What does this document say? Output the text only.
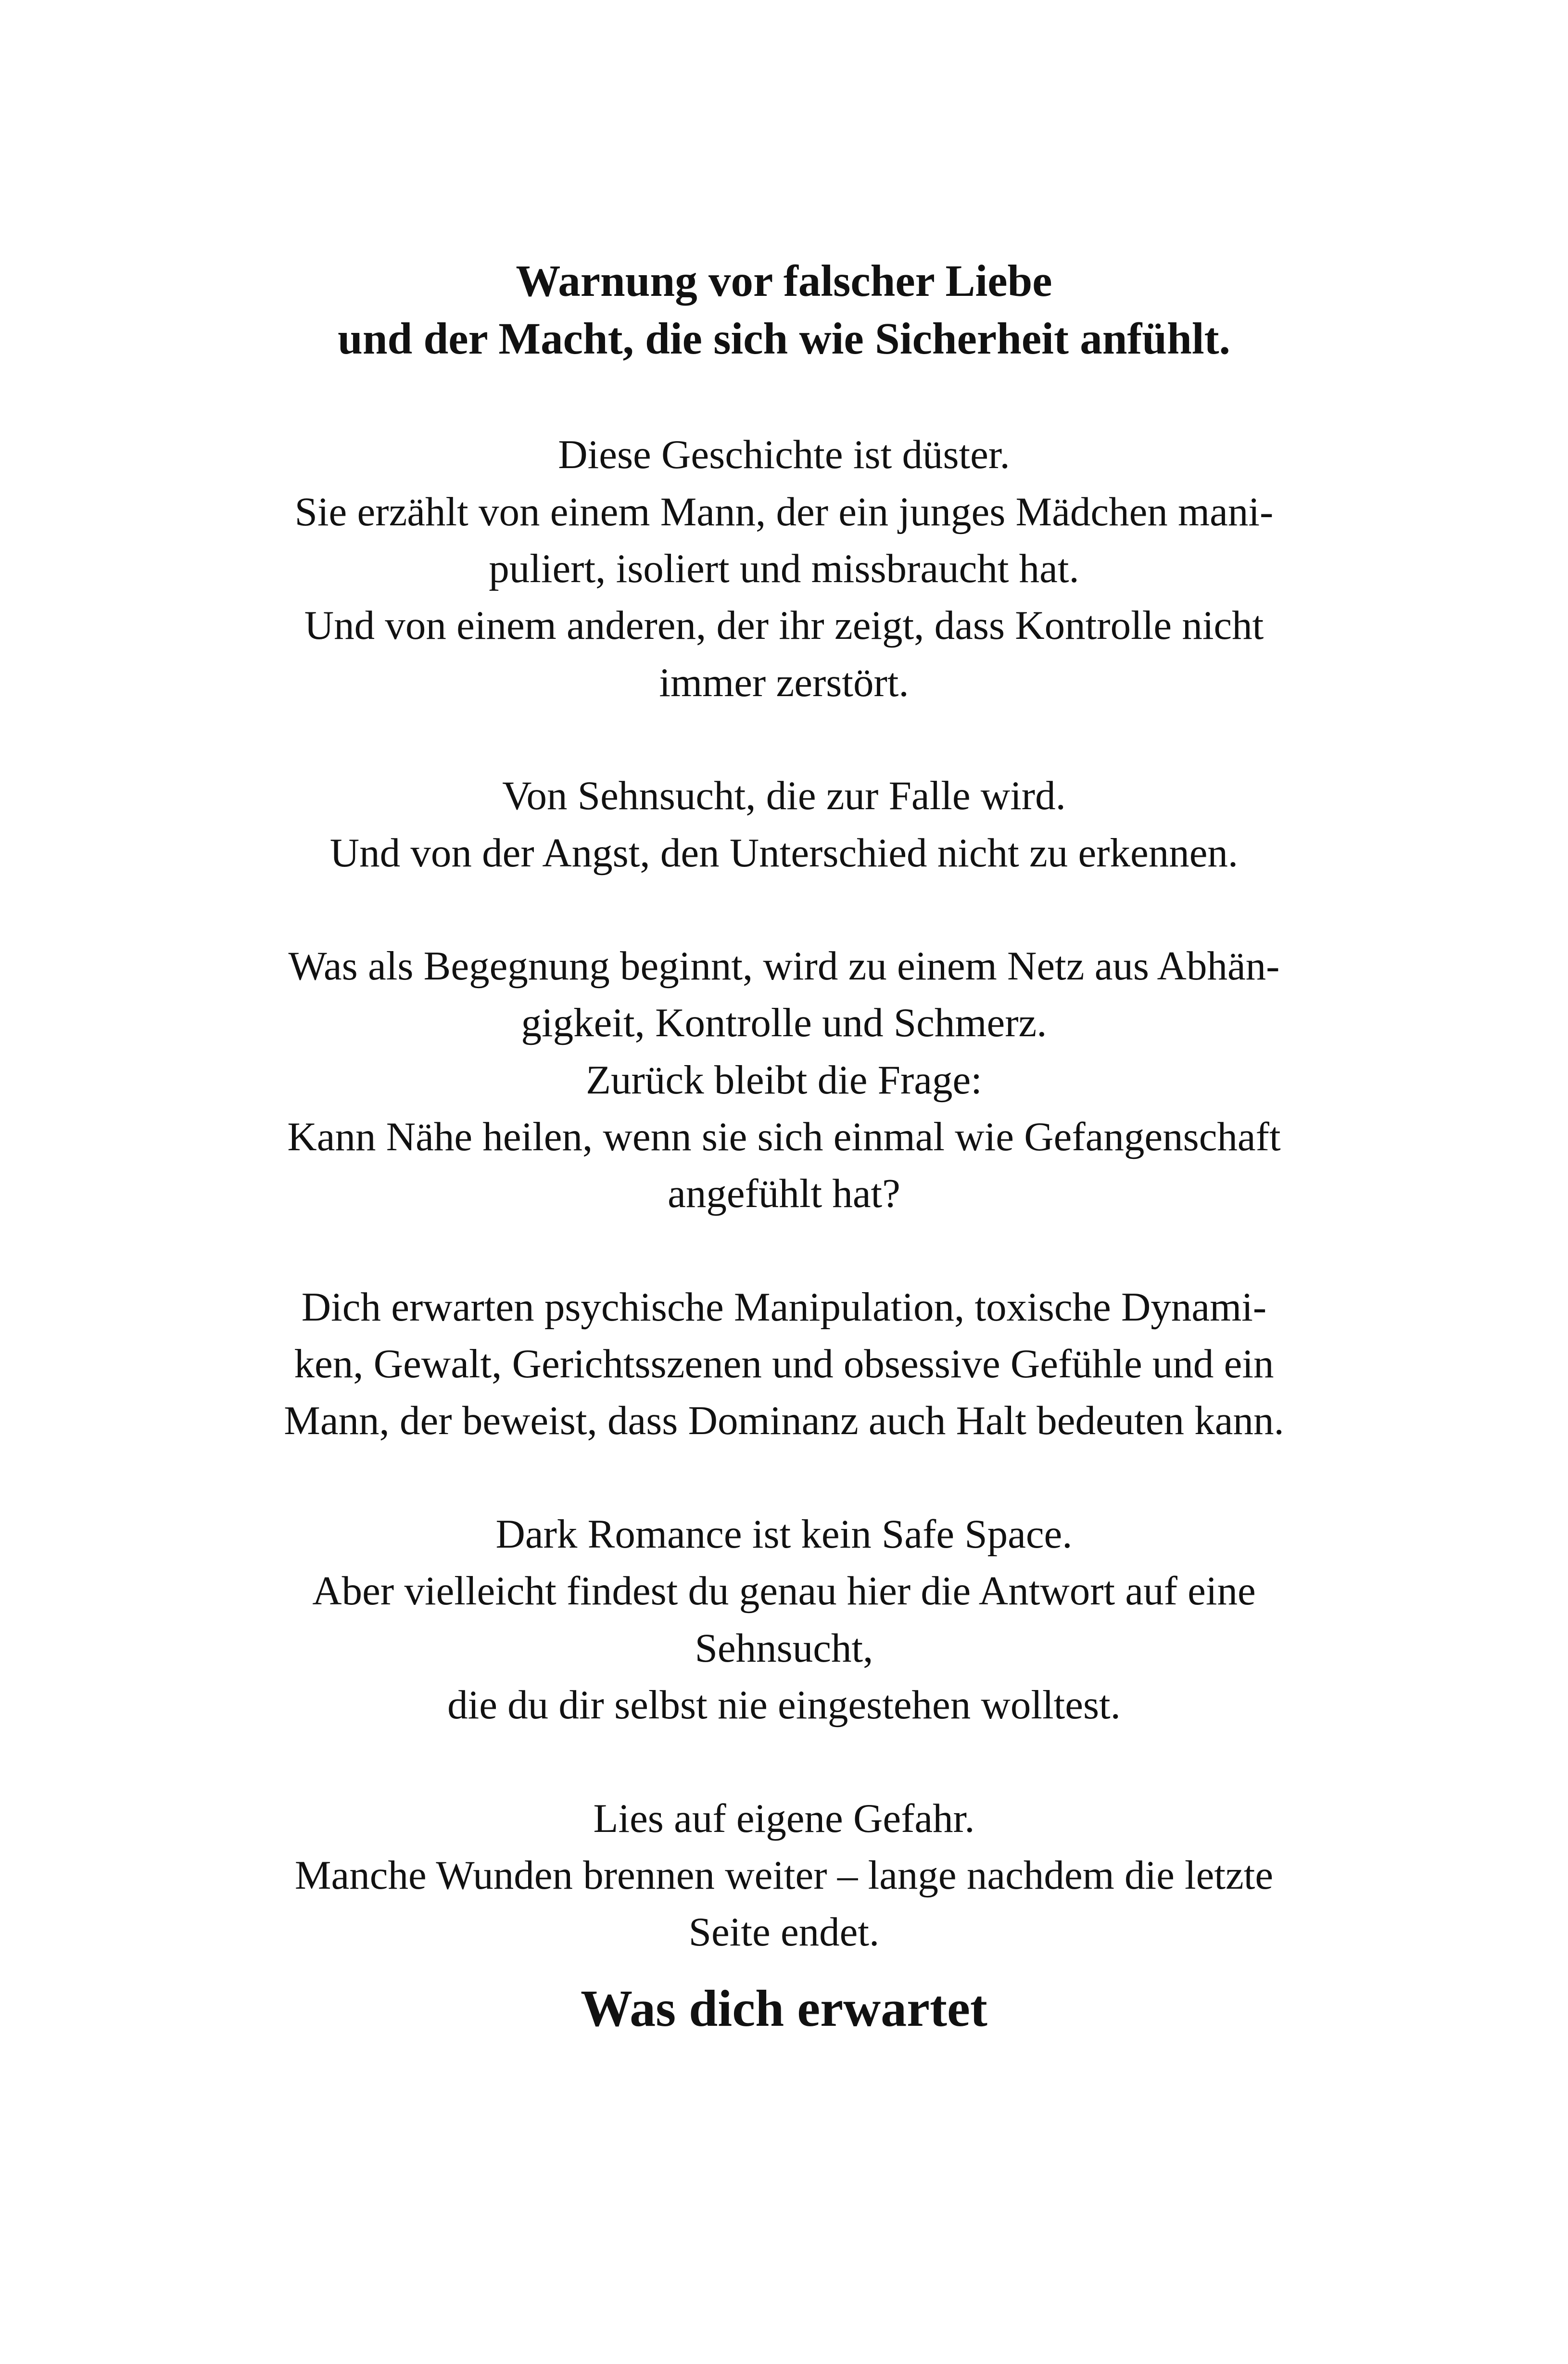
Warnung vor falscher Liebe
und der Macht, die sich wie Sicherheit anfühlt.
Diese Geschichte ist düster.
Sie erzählt von einem Mann, der ein junges Mädchen mani-
puliert, isoliert und missbraucht hat.
Und von einem anderen, der ihr zeigt, dass Kontrolle nicht
immer zerstört.
Von Sehnsucht, die zur Falle wird.
Und von der Angst, den Unterschied nicht zu erkennen.
Was als Begegnung beginnt, wird zu einem Netz aus Abhän-
gigkeit, Kontrolle und Schmerz.
Zurück bleibt die Frage:
Kann Nähe heilen, wenn sie sich einmal wie Gefangenschaft
angefühlt hat?
Dich erwarten psychische Manipulation, toxische Dynami-
ken, Gewalt, Gerichtsszenen und obsessive Gefühle und ein
Mann, der beweist, dass Dominanz auch Halt bedeuten kann.
Dark Romance ist kein Safe Space.
Aber vielleicht findest du genau hier die Antwort auf eine
Sehnsucht,
die du dir selbst nie eingestehen wolltest.
Lies auf eigene Gefahr.
Manche Wunden brennen weiter – lange nachdem die letzte
Seite endet.
Was dich erwartet
